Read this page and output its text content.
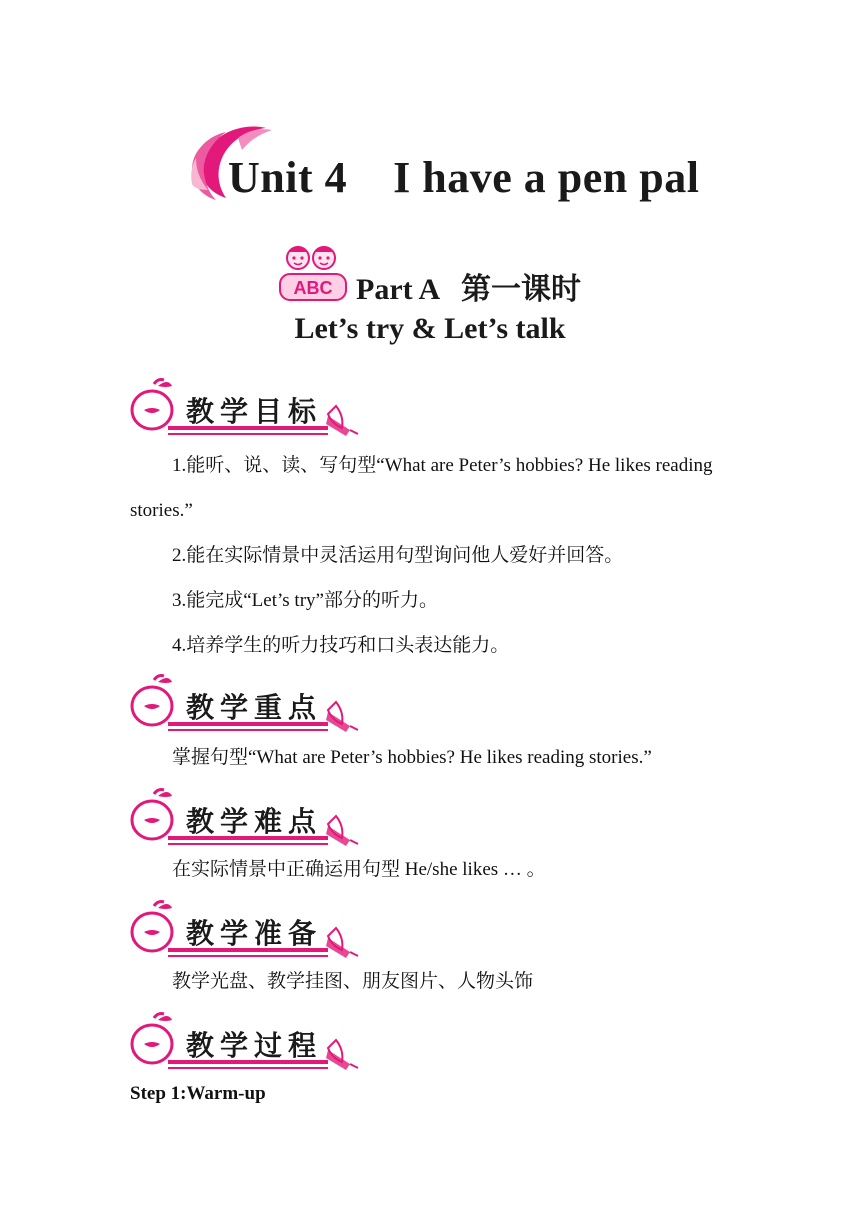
Unit 4    I have a pen pal
ABC Part A   第一课时
Let’s try & Let’s talk
教学目标
1.能听、说、读、写句型“What are Peter’s hobbies? He likes reading
stories.”
2.能在实际情景中灵活运用句型询问他人爱好并回答。
3.能完成“Let’s try”部分的听力。
4.培养学生的听力技巧和口头表达能力。
教学重点
掌握句型“What are Peter’s hobbies? He likes reading stories.”
教学难点
在实际情景中正确运用句型 He/she likes … 。
教学准备
教学光盘、教学挂图、朋友图片、人物头饰
教学过程
Step 1:Warm-up
